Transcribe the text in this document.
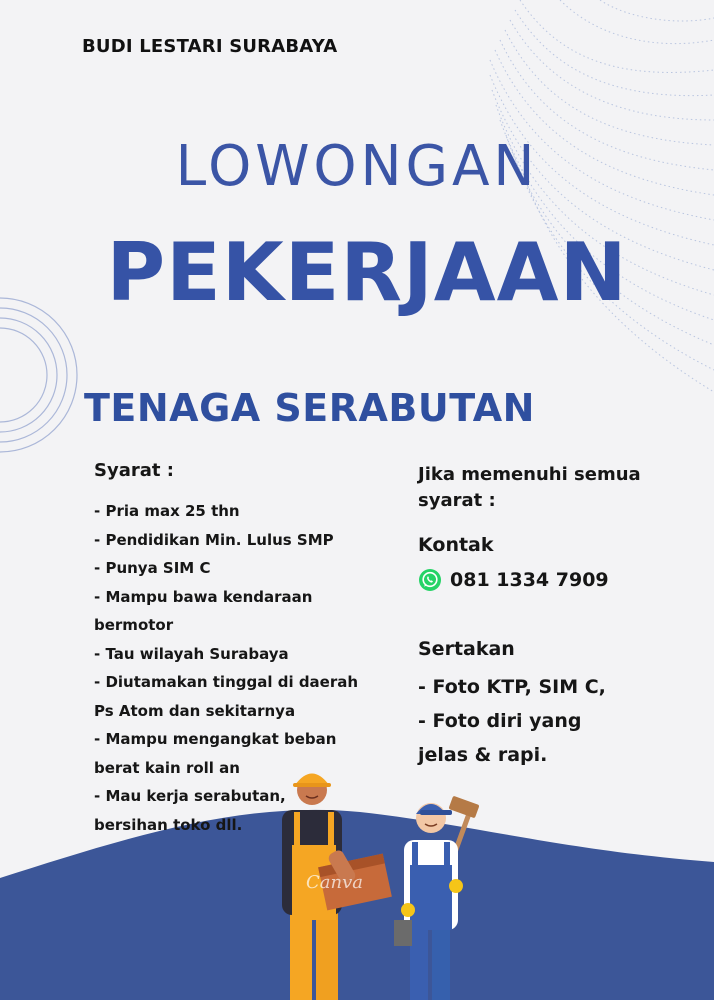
BUDI LESTARI SURABAYA
LOWONGAN
PEKERJAAN
TENAGA SERABUTAN
Syarat :
- Pria max 25 thn
- Pendidikan Min. Lulus SMP
- Punya SIM C
- Mampu bawa kendaraan
bermotor
- Tau wilayah Surabaya
- Diutamakan tinggal di daerah
Ps Atom dan sekitarnya
- Mampu mengangkat beban
berat kain roll an
- Mau kerja serabutan,
bersihan toko dll.
Jika memenuhi semua syarat :
Kontak
081 1334 7909
Sertakan
- Foto KTP, SIM C,
- Foto diri yang
jelas & rapi.
Canva
